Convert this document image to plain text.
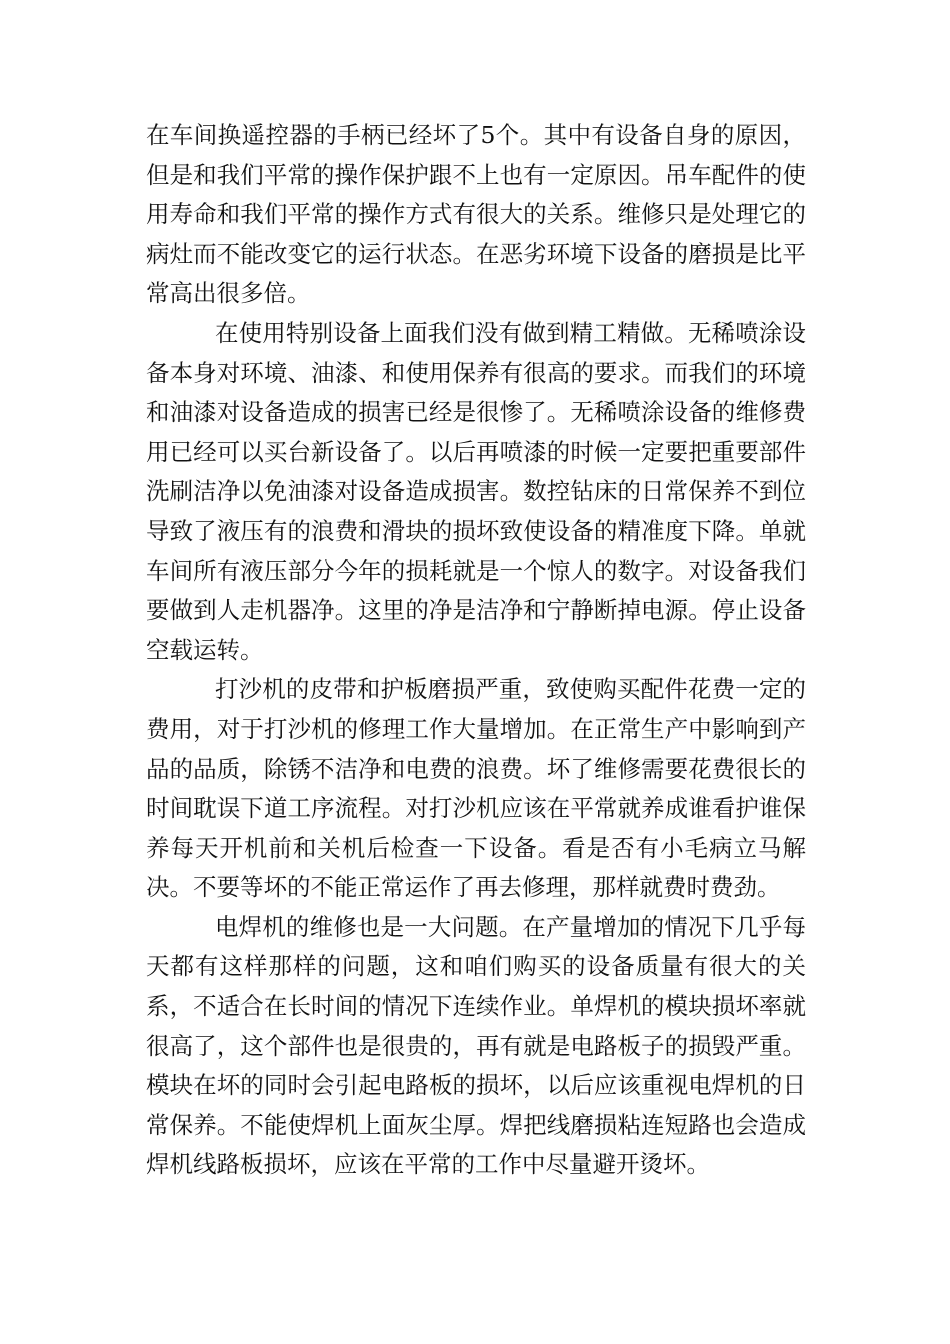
在车间换遥控器的手柄已经坏了5个。其中有设备自身的原因，但是和我们平常的操作保护跟不上也有一定原因。吊车配件的使用寿命和我们平常的操作方式有很大的关系。维修只是处理它的病灶而不能改变它的运行状态。在恶劣环境下设备的磨损是比平常高出很多倍。

在使用特别设备上面我们没有做到精工精做。无稀喷涂设备本身对环境、油漆、和使用保养有很高的要求。而我们的环境和油漆对设备造成的损害已经是很惨了。无稀喷涂设备的维修费用已经可以买台新设备了。以后再喷漆的时候一定要把重要部件洗刷洁净以免油漆对设备造成损害。数控钻床的日常保养不到位导致了液压有的浪费和滑块的损坏致使设备的精准度下降。单就车间所有液压部分今年的损耗就是一个惊人的数字。对设备我们要做到人走机器净。这里的净是洁净和宁静断掉电源。停止设备空载运转。

打沙机的皮带和护板磨损严重，致使购买配件花费一定的费用，对于打沙机的修理工作大量增加。在正常生产中影响到产品的品质，除锈不洁净和电费的浪费。坏了维修需要花费很长的时间耽误下道工序流程。对打沙机应该在平常就养成谁看护谁保养每天开机前和关机后检查一下设备。看是否有小毛病立马解决。不要等坏的不能正常运作了再去修理，那样就费时费劲。

电焊机的维修也是一大问题。在产量增加的情况下几乎每天都有这样那样的问题，这和咱们购买的设备质量有很大的关系，不适合在长时间的情况下连续作业。单焊机的模块损坏率就很高了，这个部件也是很贵的，再有就是电路板子的损毁严重。模块在坏的同时会引起电路板的损坏，以后应该重视电焊机的日常保养。不能使焊机上面灰尘厚。焊把线磨损粘连短路也会造成焊机线路板损坏，应该在平常的工作中尽量避开烫坏。
